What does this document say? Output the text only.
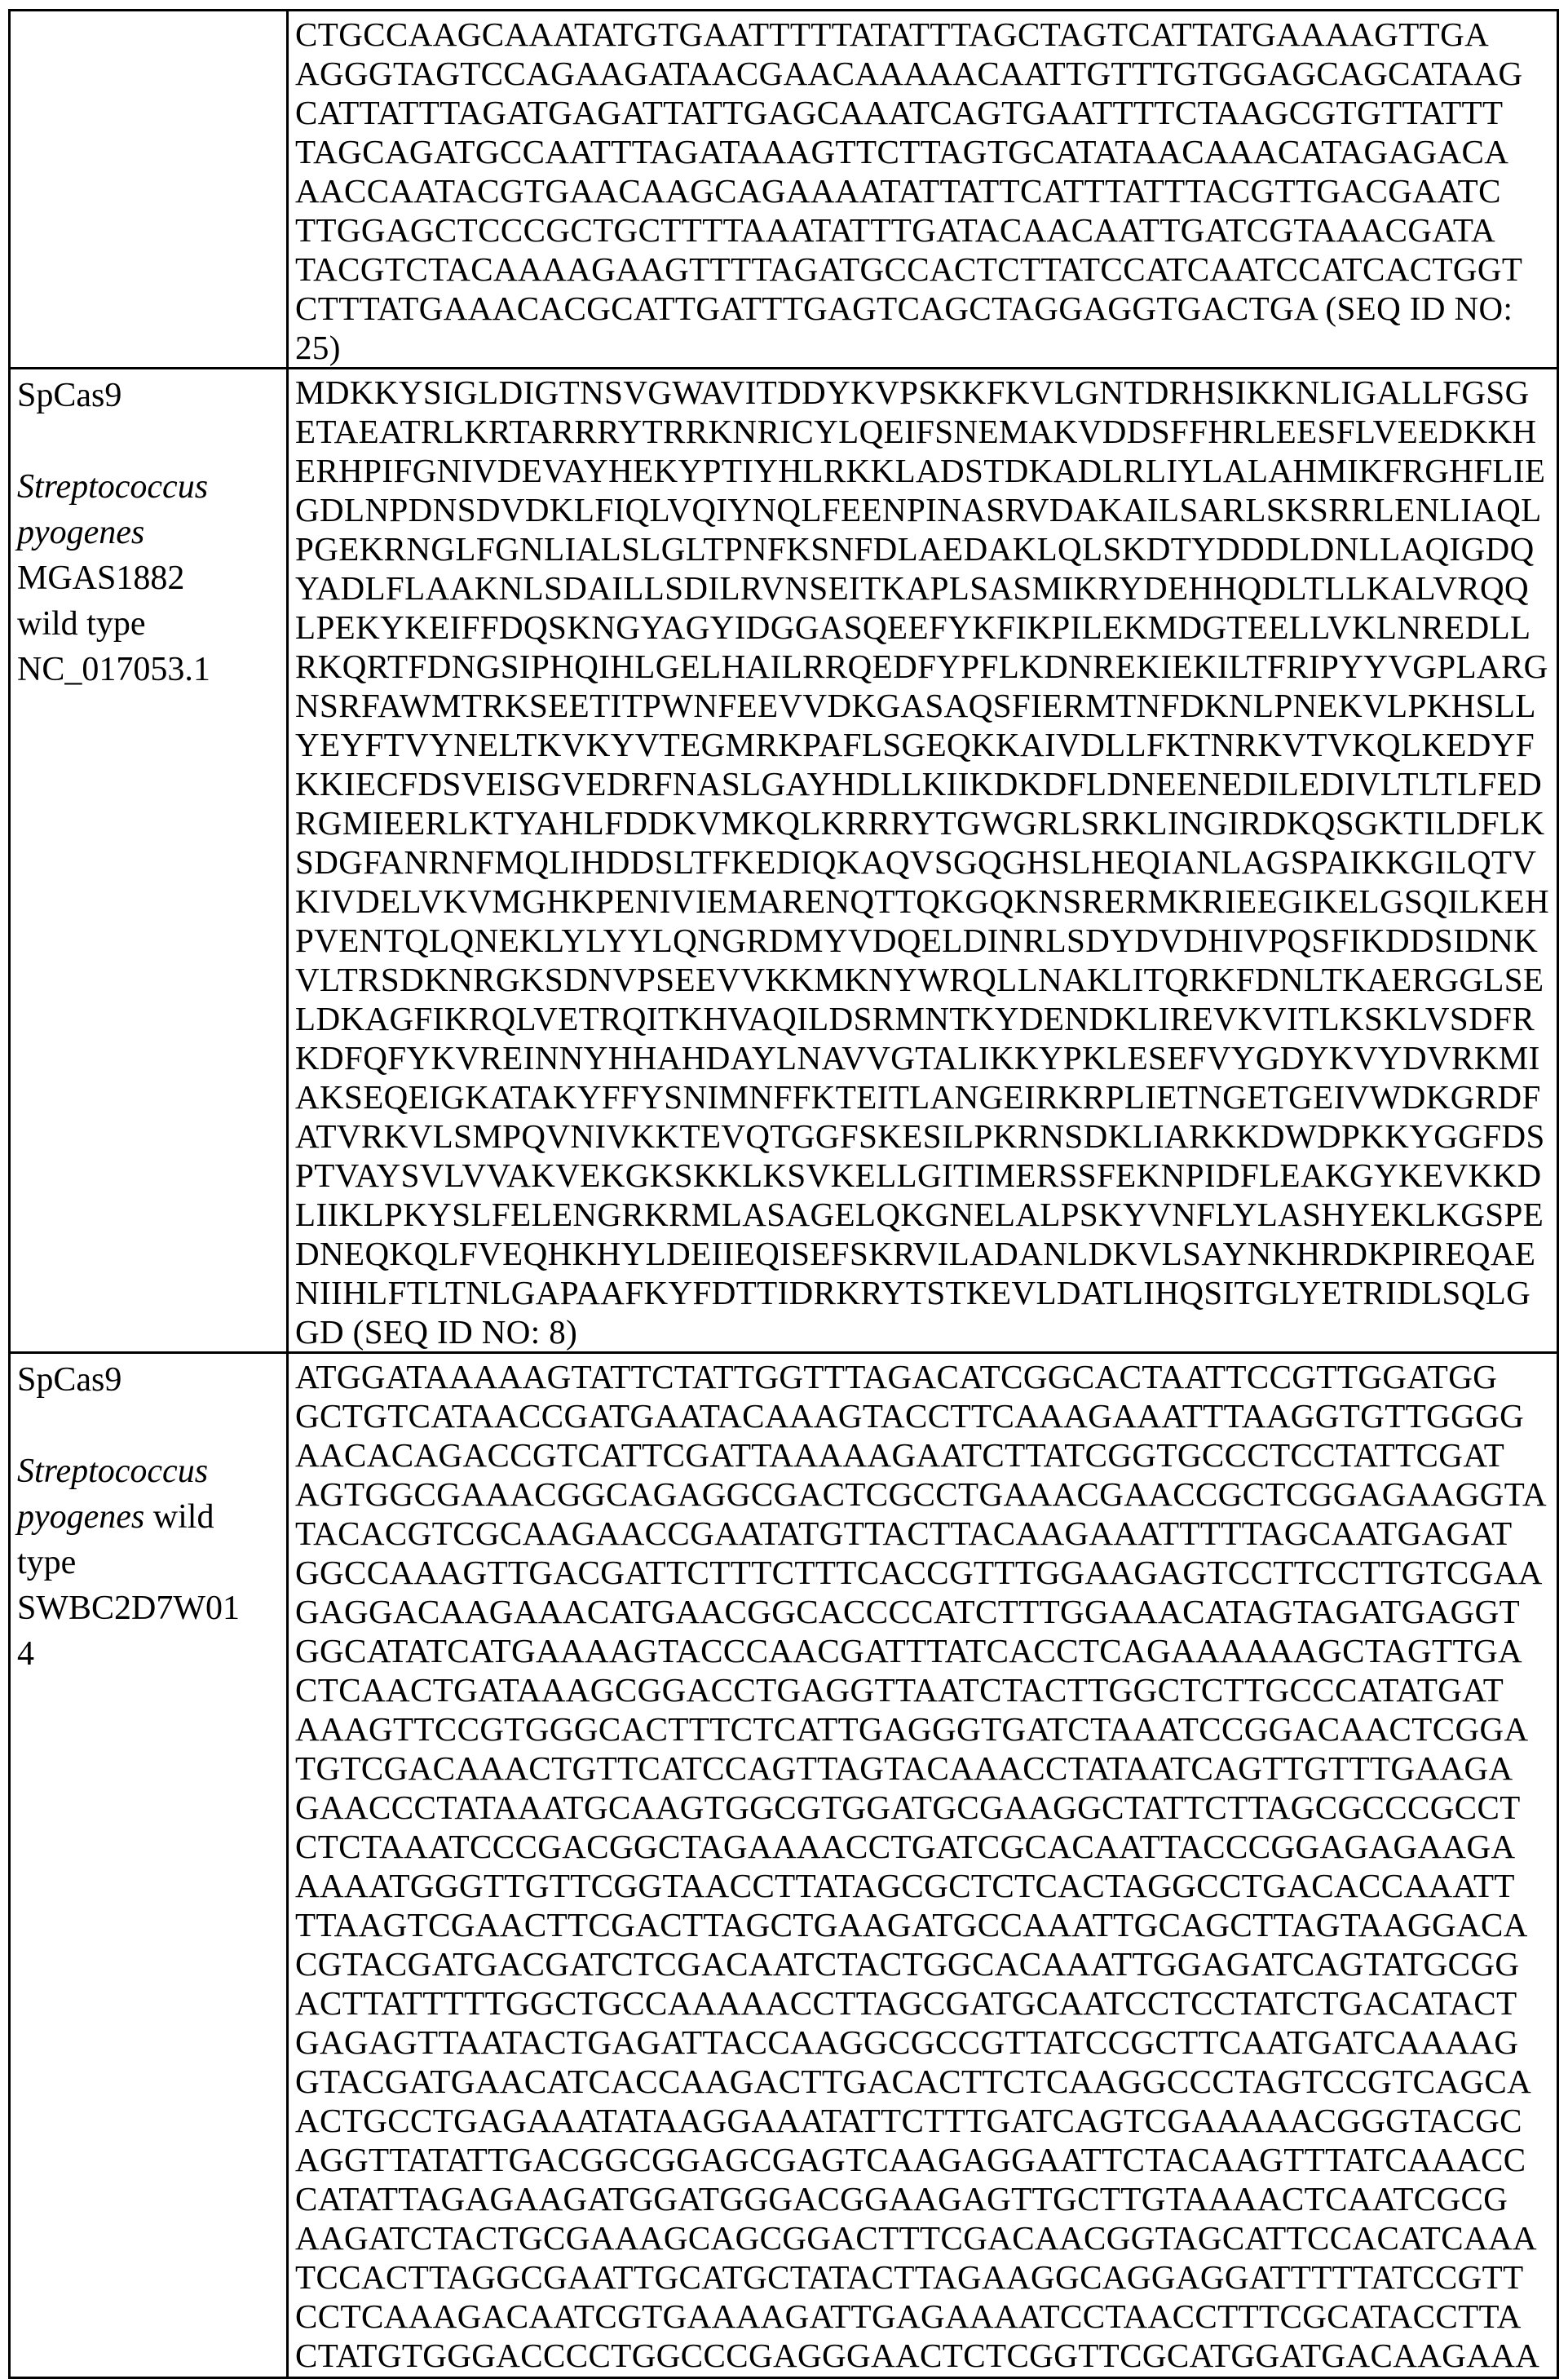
CTGCCAAGCAAATATGTGAATTTTTATATTTAGCTAGTCATTATGAAAAGTTGA
AGGGTAGTCCAGAAGATAACGAACAAAAACAATTGTTTGTGGAGCAGCATAAG
CATTATTTAGATGAGATTATTGAGCAAATCAGTGAATTTTCTAAGCGTGTTATTT
TAGCAGATGCCAATTTAGATAAAGTTCTTAGTGCATATAACAAACATAGAGACA
AACCAATACGTGAACAAGCAGAAAATATTATTCATTTATTTACGTTGACGAATC
TTGGAGCTCCCGCTGCTTTTAAATATTTGATACAACAATTGATCGTAAACGATA
TACGTCTACAAAAGAAGTTTTAGATGCCACTCTTATCCATCAATCCATCACTGGT
CTTTATGAAACACGCATTGATTTGAGTCAGCTAGGAGGTGACTGA (SEQ ID NO:
25)

SpCas9
Streptococcus
pyogenes
MGAS1882
wild type
NC_017053.1

MDKKYSIGLDIGTNSVGWAVITDDYKVPSKKFKVLGNTDRHSIKKNLIGALLFGSG
ETAEATRLKRTARRRYTRRKNRICYLQEIFSNEMAKVDDSFFHRLEESFLVEEDKKH
ERHPIFGNIVDEVAYHEKYPTIYHLRKKLADSTDKADLRLIYLALAHMIKFRGHFLIE
GDLNPDNSDVDKLFIQLVQIYNQLFEENPINASRVDAKAILSARLSKSRRLENLIAQL
PGEKRNGLFGNLIALSLGLTPNFKSNFDLAEDAKLQLSKDTYDDDLDNLLAQIGDQ
YADLFLAAKNLSDAILLSDILRVNSEITKAPLSASMIKRYDEHHQDLTLLKALVRQQ
LPEKYKEIFFDQSKNGYAGYIDGGASQEEFYKFIKPILEKMDGTEELLVKLNREDLL
RKQRTFDNGSIPHQIHLGELHAILRRQEDFYPFLKDNREKIEKILTFRIPYYVGPLARG
NSRFAWMTRKSEETITPWNFEEVVDKGASAQSFIERMTNFDKNLPNEKVLPKHSLL
YEYFTVYNELTKVKYVTEGMRKPAFLSGEQKKAIVDLLFKTNRKVTVKQLKEDYF
KKIECFDSVEISGVEDRFNASLGAYHDLLKIIKDKDFLDNEENEDILEDIVLTLTLFED
RGMIEERLKTYAHLFDDKVMKQLKRRRYTGWGRLSRKLINGIRDKQSGKTILDFLK
SDGFANRNFMQLIHDDSLTFKEDIQKAQVSGQGHSLHEQIANLAGSPAIKKGILQTV
KIVDELVKVMGHKPENIVIEMARENQTTQKGQKNSRERMKRIEEGIKELGSQILKEH
PVENTQLQNEKLYLYYLQNGRDMYVDQELDINRLSDYDVDHIVPQSFIKDDSIDNK
VLTRSDKNRGKSDNVPSEEVVKKMKNYWRQLLNAKLITQRKFDNLTKAERGGLSE
LDKAGFIKRQLVETRQITKHVAQILDSRMNTKYDENDKLIREVKVITLKSKLVSDFR
KDFQFYKVREINNYHHAHDAYLNAVVGTALIKKYPKLESEFVYGDYKVYDVRKMI
AKSEQEIGKATAKYFFYSNIMNFFKTEITLANGEIRKRPLIETNGETGEIVWDKGRDF
ATVRKVLSMPQVNIVKKTEVQTGGFSKESILPKRNSDKLIARKKDWDPKKYGGFDS
PTVAYSVLVVAKVEKGKSKKLKSVKELLGITIMERSSFEKNPIDFLEAKGYKEVKKD
LIIKLPKYSLFELENGRKRMLASAGELQKGNELALPSKYVNFLYLASHYEKLKGSPE
DNEQKQLFVEQHKHYLDEIIEQISEFSKRVILADANLDKVLSAYNKHRDKPIREQAE
NIIHLFTLTNLGAPAAFKYFDTTIDRKRYTSTKEVLDATLIHQSITGLYETRIDLSQLG
GD (SEQ ID NO: 8)

SpCas9
Streptococcus
pyogenes wild
type
SWBC2D7W01
4

ATGGATAAAAAGTATTCTATTGGTTTAGACATCGGCACTAATTCCGTTGGATGG
GCTGTCATAACCGATGAATACAAAGTACCTTCAAAGAAATTTAAGGTGTTGGGG
AACACAGACCGTCATTCGATTAAAAAGAATCTTATCGGTGCCCTCCTATTCGAT
AGTGGCGAAACGGCAGAGGCGACTCGCCTGAAACGAACCGCTCGGAGAAGGTA
TACACGTCGCAAGAACCGAATATGTTACTTACAAGAAATTTTTAGCAATGAGAT
GGCCAAAGTTGACGATTCTTTCTTTCACCGTTTGGAAGAGTCCTTCCTTGTCGAA
GAGGACAAGAAACATGAACGGCACCCCATCTTTGGAAACATAGTAGATGAGGT
GGCATATCATGAAAAGTACCCAACGATTTATCACCTCAGAAAAAAGCTAGTTGA
CTCAACTGATAAAGCGGACCTGAGGTTAATCTACTTGGCTCTTGCCCATATGAT
AAAGTTCCGTGGGCACTTTCTCATTGAGGGTGATCTAAATCCGGACAACTCGGA
TGTCGACAAACTGTTCATCCAGTTAGTACAAACCTATAATCAGTTGTTTGAAGA
GAACCCTATAAATGCAAGTGGCGTGGATGCGAAGGCTATTCTTAGCGCCCGCCT
CTCTAAATCCCGACGGCTAGAAAACCTGATCGCACAATTACCCGGAGAGAAGA
AAAATGGGTTGTTCGGTAACCTTATAGCGCTCTCACTAGGCCTGACACCAAATT
TTAAGTCGAACTTCGACTTAGCTGAAGATGCCAAATTGCAGCTTAGTAAGGACA
CGTACGATGACGATCTCGACAATCTACTGGCACAAATTGGAGATCAGTATGCGG
ACTTATTTTTGGCTGCCAAAAACCTTAGCGATGCAATCCTCCTATCTGACATACT
GAGAGTTAATACTGAGATTACCAAGGCGCCGTTATCCGCTTCAATGATCAAAAG
GTACGATGAACATCACCAAGACTTGACACTTCTCAAGGCCCTAGTCCGTCAGCA
ACTGCCTGAGAAATATAAGGAAATATTCTTTGATCAGTCGAAAAACGGGTACGC
AGGTTATATTGACGGCGGAGCGAGTCAAGAGGAATTCTACAAGTTTATCAAACC
CATATTAGAGAAGATGGATGGGACGGAAGAGTTGCTTGTAAAACTCAATCGCG
AAGATCTACTGCGAAAGCAGCGGACTTTCGACAACGGTAGCATTCCACATCAAA
TCCACTTAGGCGAATTGCATGCTATACTTAGAAGGCAGGAGGATTTTTATCCGTT
CCTCAAAGACAATCGTGAAAAGATTGAGAAAATCCTAACCTTTCGCATACCTTA
CTATGTGGGACCCCTGGCCCGAGGGAACTCTCGGTTCGCATGGATGACAAGAAA
